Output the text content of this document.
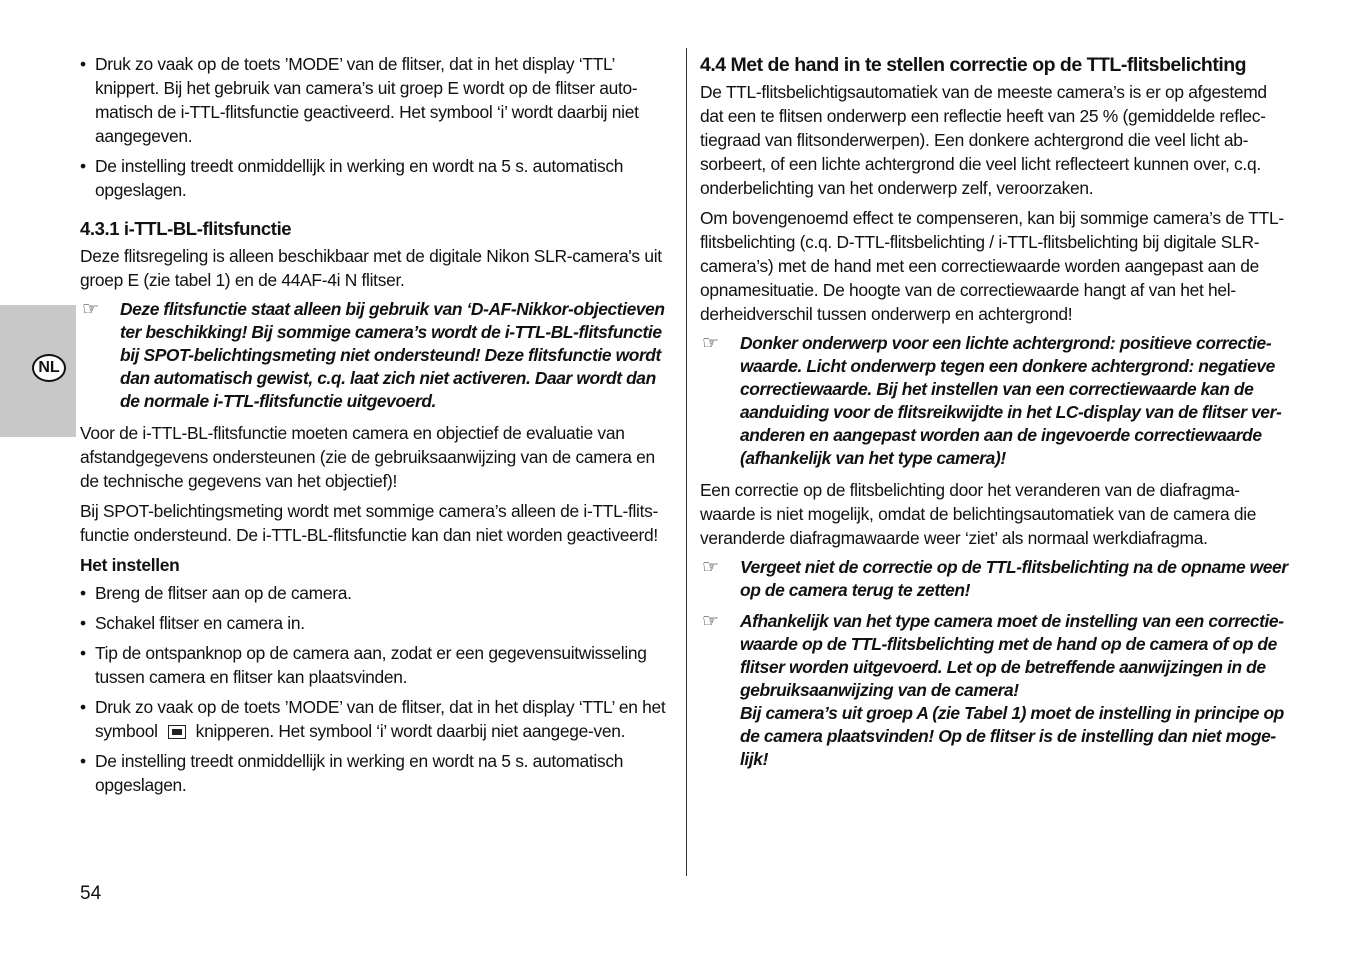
NL
• Druk zo vaak op de toets ’MODE’ van de flitser, dat in het display ‘TTL’ knippert. Bij het gebruik van camera’s uit groep E wordt op de flitser auto-matisch de i-TTL-flitsfunctie geactiveerd. Het symbool ‘i’ wordt daarbij niet aangegeven.
• De instelling treedt onmiddellijk in werking en wordt na 5 s. automatisch opgeslagen.
4.3.1 i-TTL-BL-flitsfunctie

Deze flitsregeling is alleen beschikbaar met de digitale Nikon SLR-camera's uit groep E (zie tabel 1) en de 44AF-4i N flitser.

☞ Deze flitsfunctie staat alleen bij gebruik van ‘D-AF-Nikkor-objectieven ter beschikking! Bij sommige camera’s wordt de i-TTL-BL-flitsfunctie bij SPOT-belichtingsmeting niet ondersteund! Deze flitsfunctie wordt dan automatisch gewist, c.q. laat zich niet activeren. Daar wordt dan de normale i-TTL-flitsfunctie uitgevoerd.

Voor de i-TTL-BL-flitsfunctie moeten camera en objectief de evaluatie van afstandgegevens ondersteunen (zie de gebruiksaanwijzing van de camera en de technische gegevens van het objectief)!

Bij SPOT-belichtingsmeting wordt met sommige camera’s alleen de i-TTL-flits-functie ondersteund. De i-TTL-BL-flitsfunctie kan dan niet worden geactiveerd!

Het instellen
• Breng de flitser aan op de camera.
• Schakel flitser en camera in.
• Tip de ontspanknop op de camera aan, zodat er een gegevensuitwisseling tussen camera en flitser kan plaatsvinden.
• Druk zo vaak op de toets ’MODE’ van de flitser, dat in het display ‘TTL’ en het symbool knipperen. Het symbool ‘i’ wordt daarbij niet aangege-ven.
• De instelling treedt onmiddellijk in werking en wordt na 5 s. automatisch opgeslagen.
4.4 Met de hand in te stellen correctie op de TTL-flitsbelichting

De TTL-flitsbelichtigsautomatiek van de meeste camera’s is er op afgestemd dat een te flitsen onderwerp een reflectie heeft van 25 % (gemiddelde reflec-tiegraad van flitsonderwerpen). Een donkere achtergrond die veel licht ab-sorbeert, of een lichte achtergrond die veel licht reflecteert kunnen over, c.q. onderbelichting van het onderwerp zelf, veroorzaken.

Om bovengenoemd effect te compenseren, kan bij sommige camera’s de TTL-flitsbelichting (c.q. D-TTL-flitsbelichting / i-TTL-flitsbelichting bij digitale SLR-camera’s) met de hand met een correctiewaarde worden aangepast aan de opnamesituatie. De hoogte van de correctiewaarde hangt af van het hel-derheidverschil tussen onderwerp en achtergrond!

☞ Donker onderwerp voor een lichte achtergrond: positieve correctie-waarde. Licht onderwerp tegen een donkere achtergrond: negatieve correctiewaarde. Bij het instellen van een correctiewaarde kan de aanduiding voor de flitsreikwijdte in het LC-display van de flitser ver-anderen en aangepast worden aan de ingevoerde correctiewaarde (afhankelijk van het type camera)!

Een correctie op de flitsbelichting door het veranderen van de diafragma-waarde is niet mogelijk, omdat de belichtingsautomatiek van de camera die veranderde diafragmawaarde weer ‘ziet’ als normaal werkdiafragma.

☞ Vergeet niet de correctie op de TTL-flitsbelichting na de opname weer op de camera terug te zetten!
☞ Afhankelijk van het type camera moet de instelling van een correctie-waarde op de TTL-flitsbelichting met de hand op de camera of op de flitser worden uitgevoerd. Let op de betreffende aanwijzingen in de gebruiksaanwijzing van de camera!
Bij camera’s uit groep A (zie Tabel 1) moet de instelling in principe op de camera plaatsvinden! Op de flitser is de instelling dan niet moge-lijk!
54
